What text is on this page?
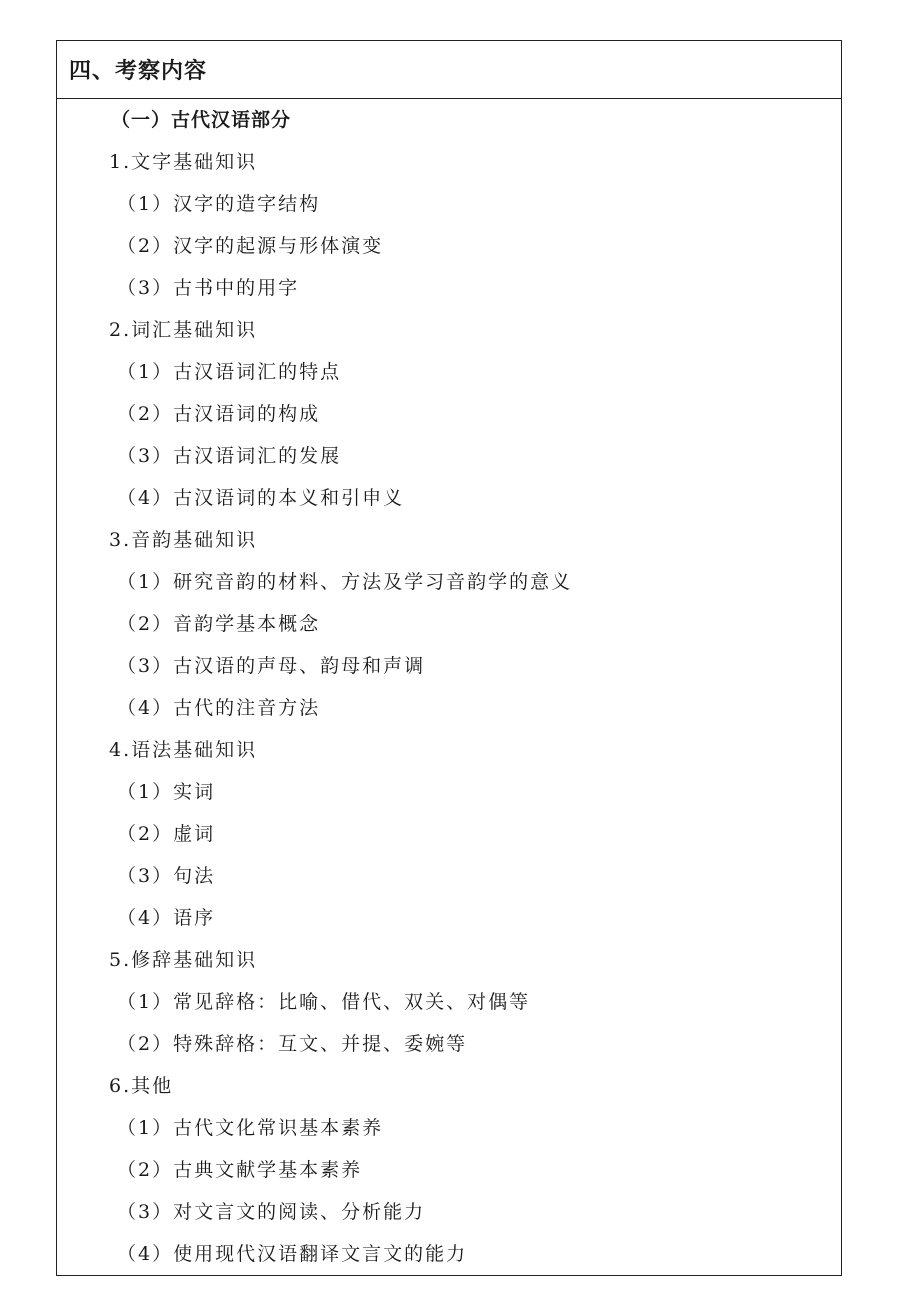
四、考察内容
（一）古代汉语部分
1.文字基础知识
（1）汉字的造字结构
（2）汉字的起源与形体演变
（3）古书中的用字
2.词汇基础知识
（1）古汉语词汇的特点
（2）古汉语词的构成
（3）古汉语词汇的发展
（4）古汉语词的本义和引申义
3.音韵基础知识
（1）研究音韵的材料、方法及学习音韵学的意义
（2）音韵学基本概念
（3）古汉语的声母、韵母和声调
（4）古代的注音方法
4.语法基础知识
（1）实词
（2）虚词
（3）句法
（4）语序
5.修辞基础知识
（1）常见辞格：比喻、借代、双关、对偶等
（2）特殊辞格：互文、并提、委婉等
6.其他
（1）古代文化常识基本素养
（2）古典文献学基本素养
（3）对文言文的阅读、分析能力
（4）使用现代汉语翻译文言文的能力
